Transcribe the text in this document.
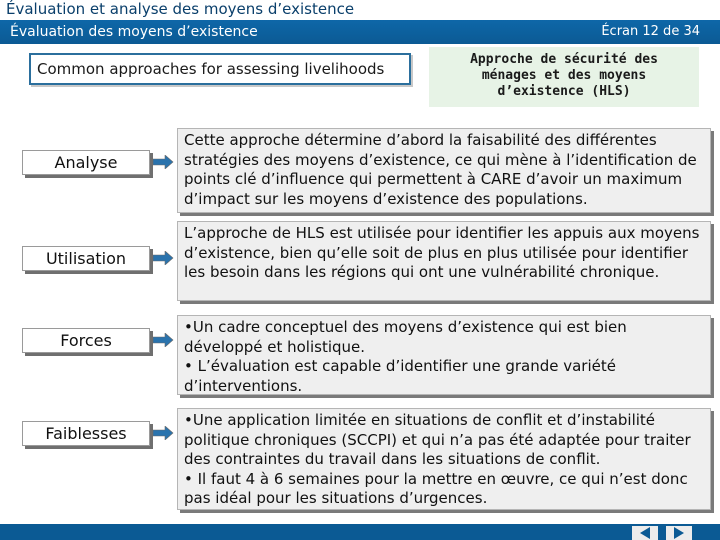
Évaluation et analyse des moyens d’existence
Évaluation des moyens d’existence	Écran 12 de 34
Common approaches for assessing livelihoods
Approche de sécurité des
ménages et des moyens
d’existence (HLS)
Analyse

Cette approche détermine d’abord la faisabilité des différentes stratégies des moyens d’existence, ce qui mène à l’identification de points clé d’influence qui permettent à CARE d’avoir un maximum d’impact sur les moyens d’existence des populations.

Utilisation

L’approche de HLS est utilisée pour identifier les appuis aux moyens d’existence, bien qu’elle soit de plus en plus utilisée pour identifier les besoin dans les régions qui ont une vulnérabilité chronique.

Forces

•Un cadre conceptuel des moyens d’existence qui est bien développé et holistique.

• L’évaluation est capable d’identifier une grande variété d’interventions.

Faiblesses

•Une application limitée en situations de conflit et d’instabilité politique chroniques (SCCPI) et qui n’a pas été adaptée pour traiter des contraintes du travail dans les situations de conflit.

• Il faut 4 à 6 semaines pour la mettre en œuvre, ce qui n’est donc pas idéal pour les situations d’urgences.
